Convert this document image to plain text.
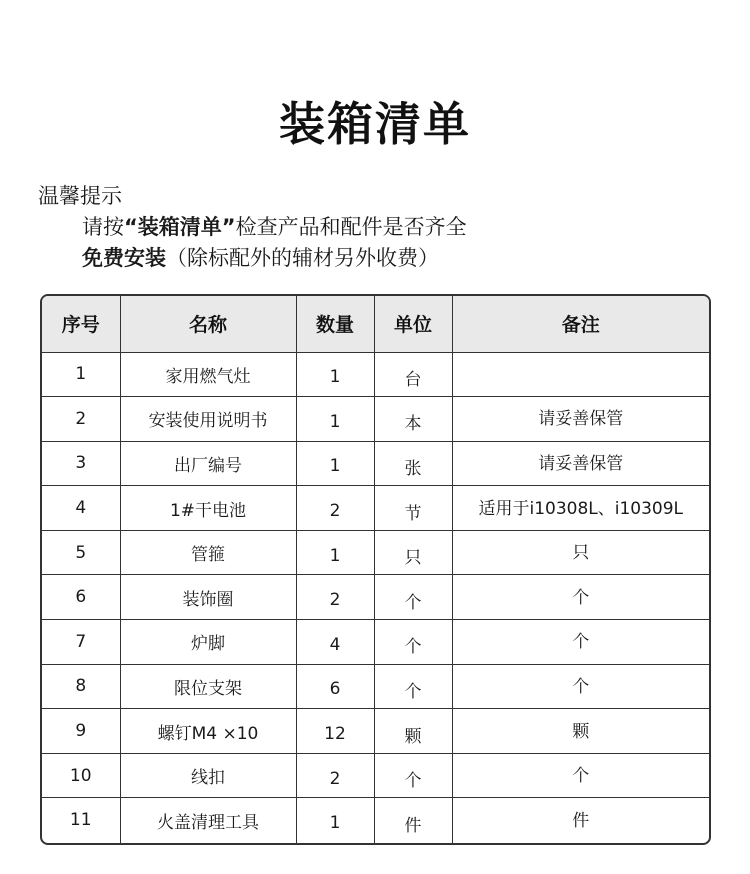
装箱清单
温馨提示
请按“装箱清单”检查产品和配件是否齐全
免费安装（除标配外的辅材另外收费）
序号	名称	数量	单位	备注
1	家用燃气灶	1	台	
2	安装使用说明书	1	本	请妥善保管
3	出厂编号	1	张	请妥善保管
4	1#干电池	2	节	适用于i10308L、i10309L
5	管箍	1	只	只
6	装饰圈	2	个	个
7	炉脚	4	个	个
8	限位支架	6	个	个
9	螺钉M4 ×10	12	颗	颗
10	线扣	2	个	个
11	火盖清理工具	1	件	件
